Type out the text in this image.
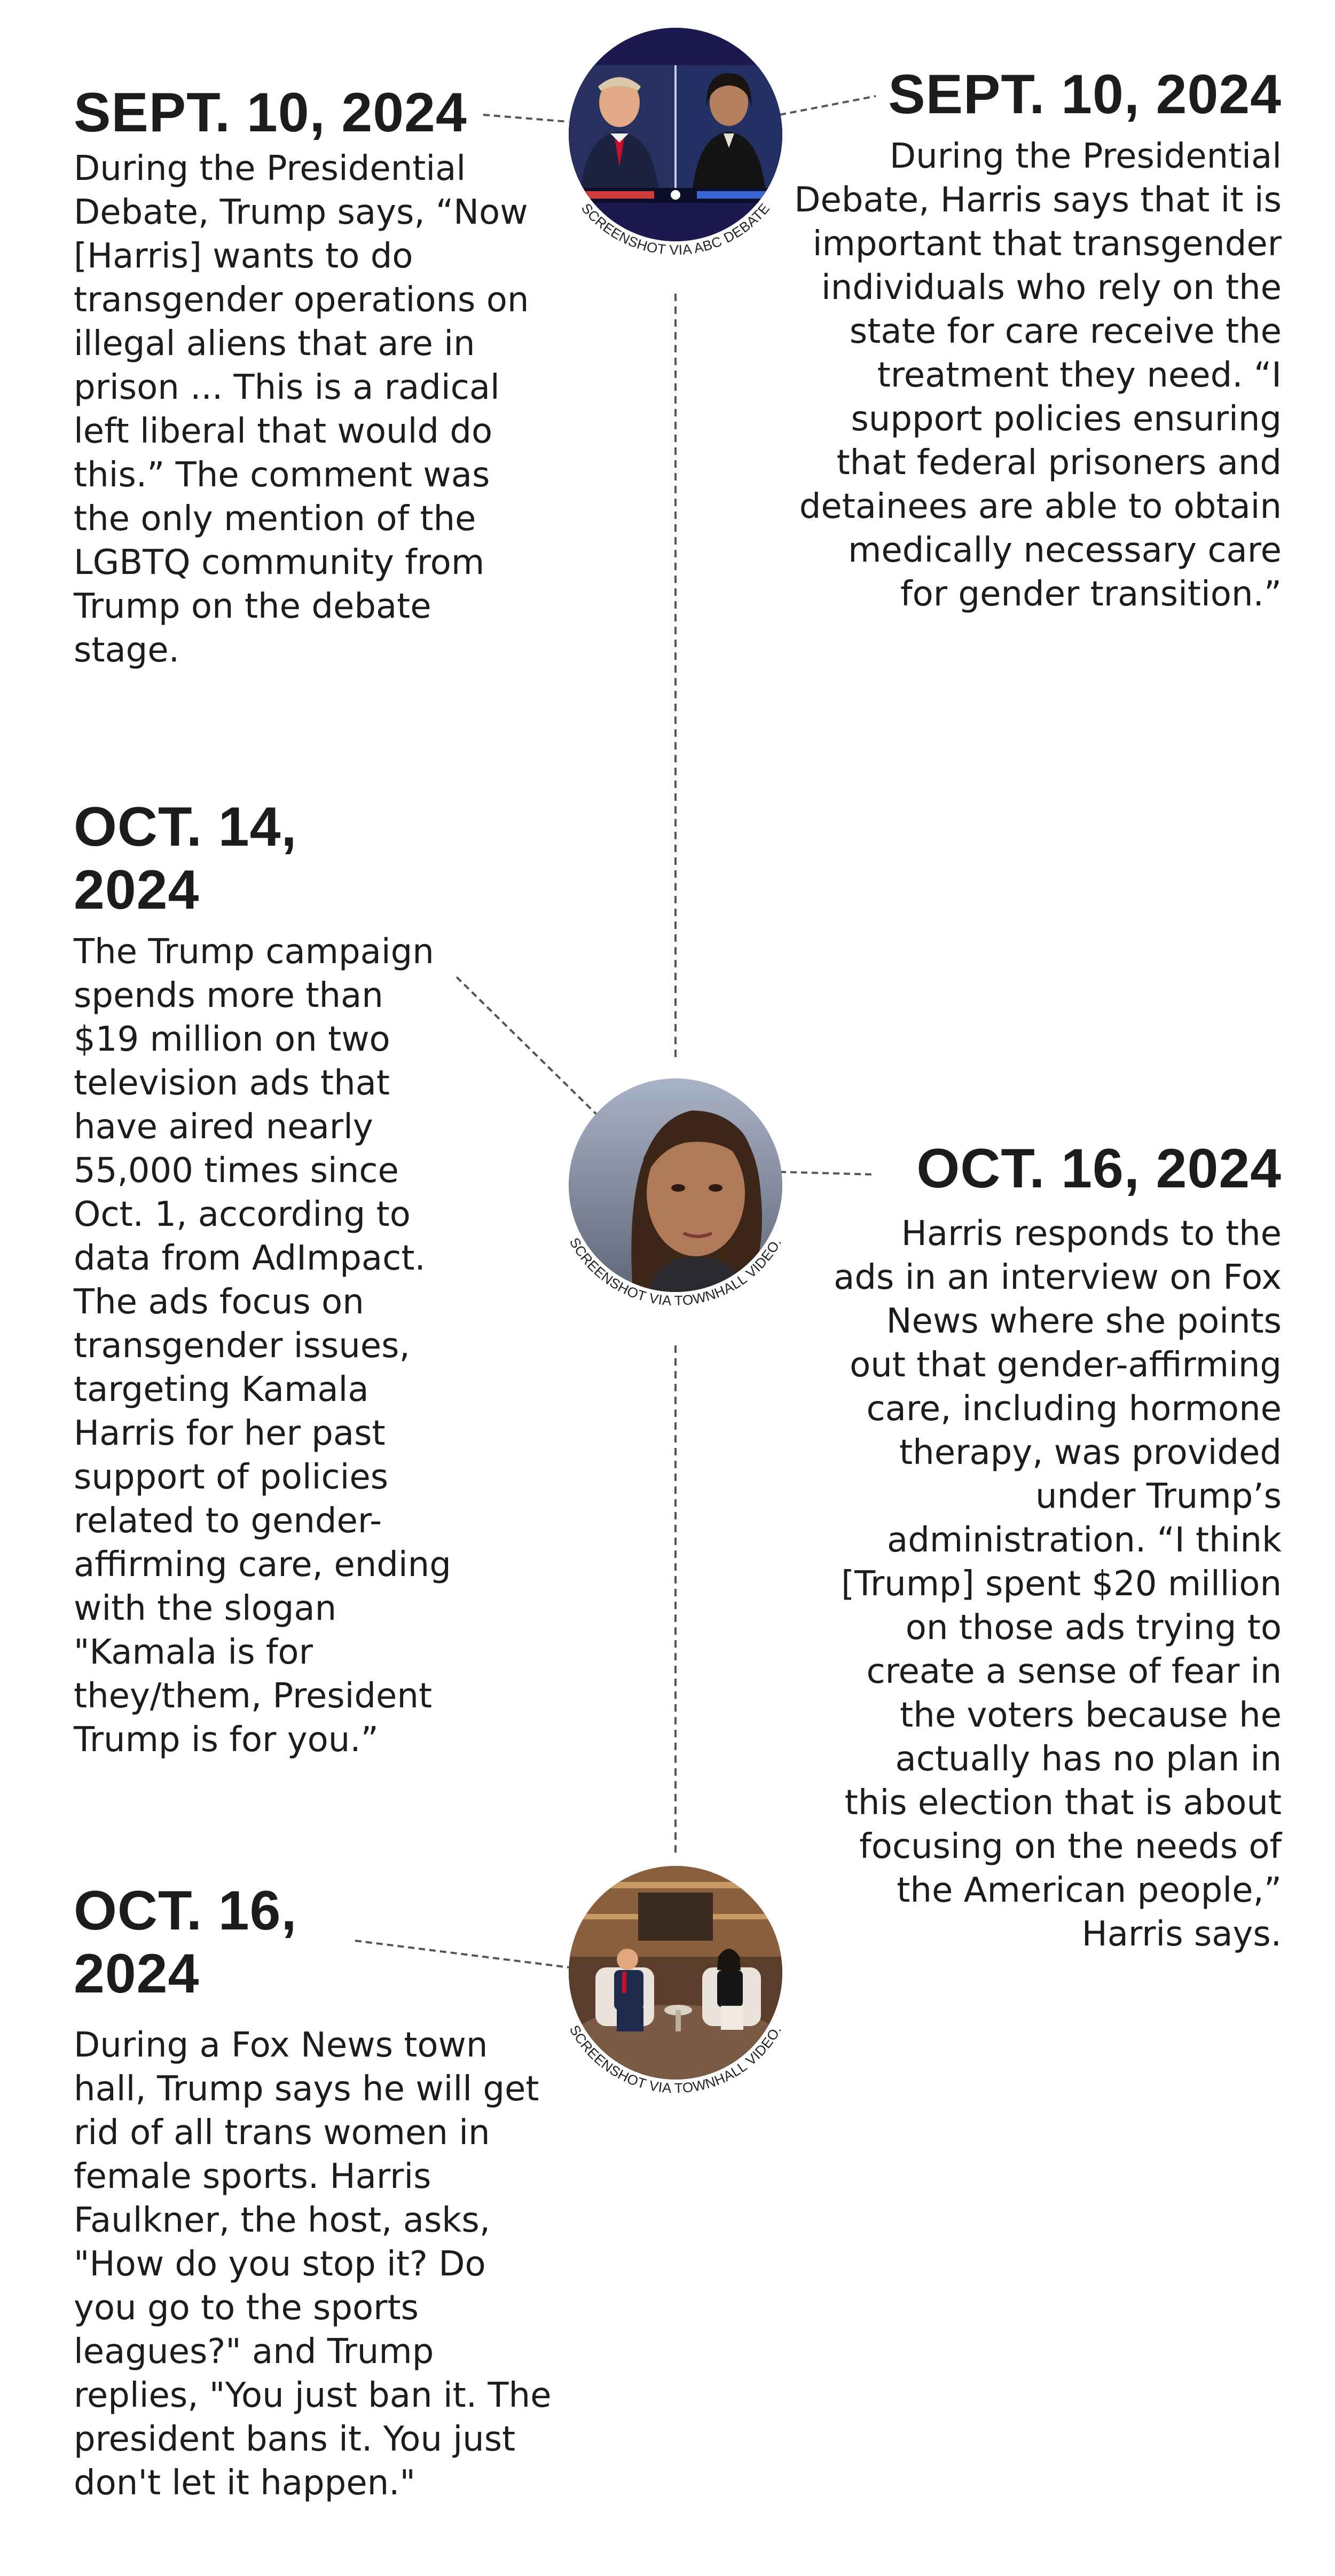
SEPT. 10, 2024

During the Presidential Debate, Trump says, “Now [Harris] wants to do transgender operations on illegal aliens that are in prison ... This is a radical left liberal that would do this.” The comment was the only mention of the LGBTQ community from Trump on the debate stage.

SCREENSHOT VIA ABC DEBATE
SEPT. 10, 2024

During the Presidential Debate, Harris says that it is important that transgender individuals who rely on the state for care receive the treatment they need. “I support policies ensuring that federal prisoners and detainees are able to obtain medically necessary care for gender transition.”

OCT. 14, 2024

The Trump campaign spends more than $19 million on two television ads that have aired nearly 55,000 times since Oct. 1, according to data from AdImpact. The ads focus on transgender issues, targeting Kamala Harris for her past support of policies related to gender-affirming care, ending with the slogan "Kamala is for they/them, President Trump is for you.”

SCREENSHOT VIA TOWNHALL VIDEO.
OCT. 16, 2024

Harris responds to the ads in an interview on Fox News where she points out that gender-affirming care, including hormone therapy, was provided under Trump’s administration. “I think [Trump] spent $20 million on those ads trying to create a sense of fear in the voters because he actually has no plan in this election that is about focusing on the needs of the American people,” Harris says.

OCT. 16, 2024

During a Fox News town hall, Trump says he will get rid of all trans women in female sports. Harris Faulkner, the host, asks, "How do you stop it? Do you go to the sports leagues?" and Trump replies, "You just ban it. The president bans it. You just don't let it happen."

SCREENSHOT VIA TOWNHALL VIDEO.
